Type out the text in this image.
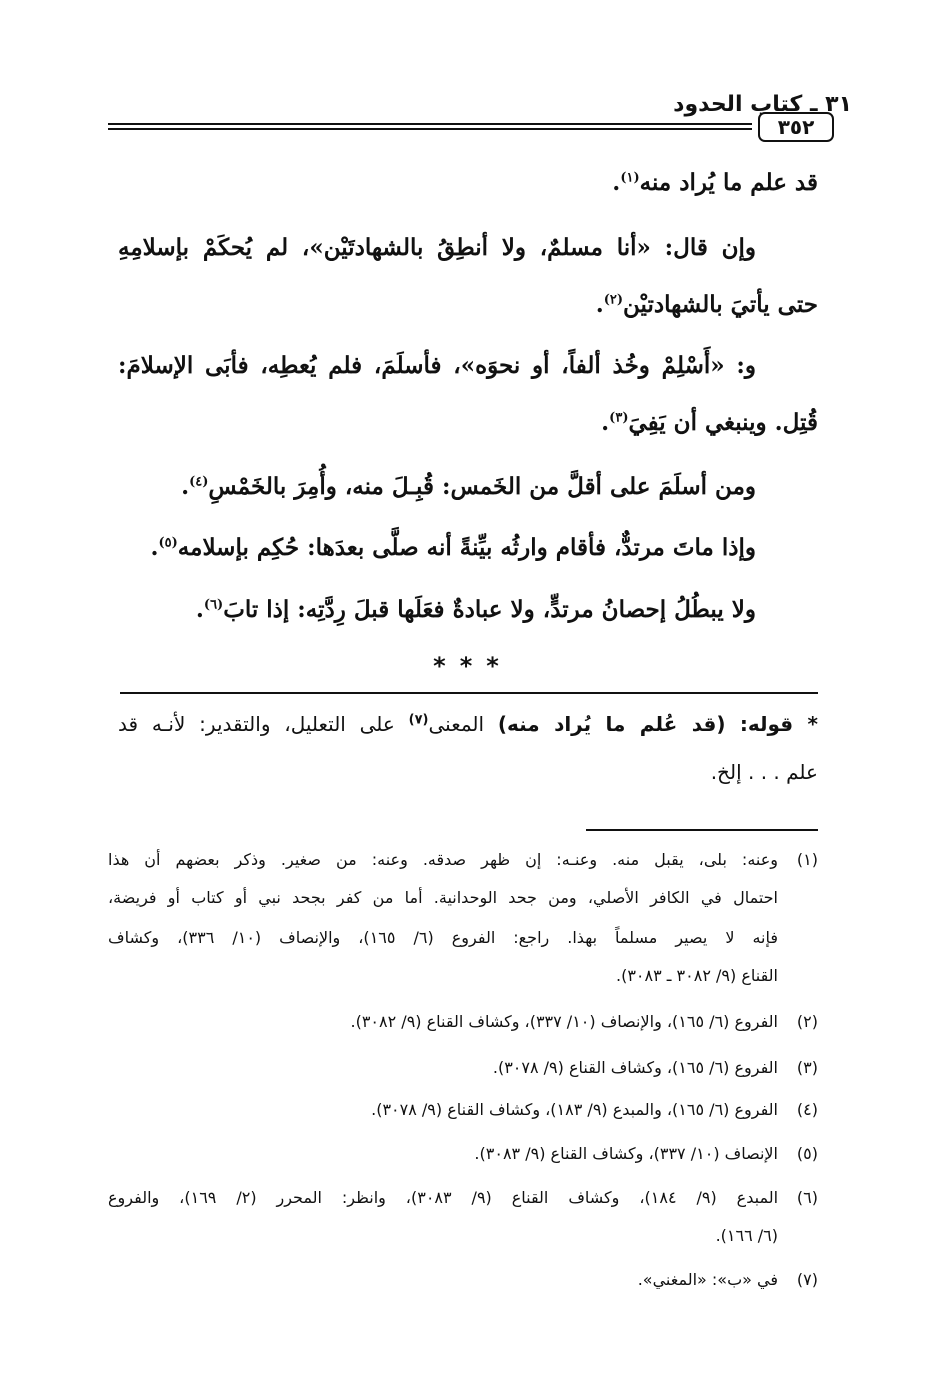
٣١ ـ كتاب الحدود
٣٥٢
قد علم ما يُراد منه$^{(١)}$.
وإن قال: «أنا مسلمٌ، ولا أنطِقُ بالشهادتَيْن»، لم يُحكَمْ بإسلامِهِ
حتى يأتيَ بالشهادتيْن$^{(٢)}$.
و: «أَسْلِمْ وخُذ ألفاً، أو نحوَه»، فأسلَمَ، فلم يُعطِه، فأبَى الإسلامَ:
قُتِل. وينبغي أن يَفِيَ$^{(٣)}$.
ومن أسلَمَ على أقلَّ من الخَمس: قُبِـلَ منه، وأُمِرَ بالخَمْسِ$^{(٤)}$.
وإذا ماتَ مرتدٌّ، فأقام وارثُه بيِّنةً أنه صلَّى بعدَها: حُكِم بإسلامه$^{(٥)}$.
ولا يبطُلُ إحصانُ مرتدٍّ، ولا عبادةٌ فعَلَها قبلَ رِدَّتِه: إذا تابَ$^{(٦)}$.
***
* قوله: (قد عُلم ما يُراد منه) المعنى$^{(٧)}$ على التعليل، والتقدير: لأنـه قد
علم . . . إلخ.
(١)
وعنه: بلى، يقبل منه. وعنـه: إن ظهر صدقه. وعنه: من صغير. وذكر بعضهم أن هذا
احتمال في الكافر الأصلي، ومن جحد الوحدانية. أما من كفر بجحد نبي أو كتاب أو فريضة،
فإنه لا يصير مسلماً بهذا. راجع: الفروع (٦/ ١٦٥)، والإنصاف (١٠/ ٣٣٦)، وكشاف
القناع (٩/ ٣٠٨٢ ـ ٣٠٨٣).
(٢)
الفروع (٦/ ١٦٥)، والإنصاف (١٠/ ٣٣٧)، وكشاف القناع (٩/ ٣٠٨٢).
(٣)
الفروع (٦/ ١٦٥)، وكشاف القناع (٩/ ٣٠٧٨).
(٤)
الفروع (٦/ ١٦٥)، والمبدع (٩/ ١٨٣)، وكشاف القناع (٩/ ٣٠٧٨).
(٥)
الإنصاف (١٠/ ٣٣٧)، وكشاف القناع (٩/ ٣٠٨٣).
(٦)
المبدع (٩/ ١٨٤)، وكشاف القناع (٩/ ٣٠٨٣)، وانظر: المحرر (٢/ ١٦٩)، والفروع
(٦/ ١٦٦).
(٧)
في «ب»: «المغني».
